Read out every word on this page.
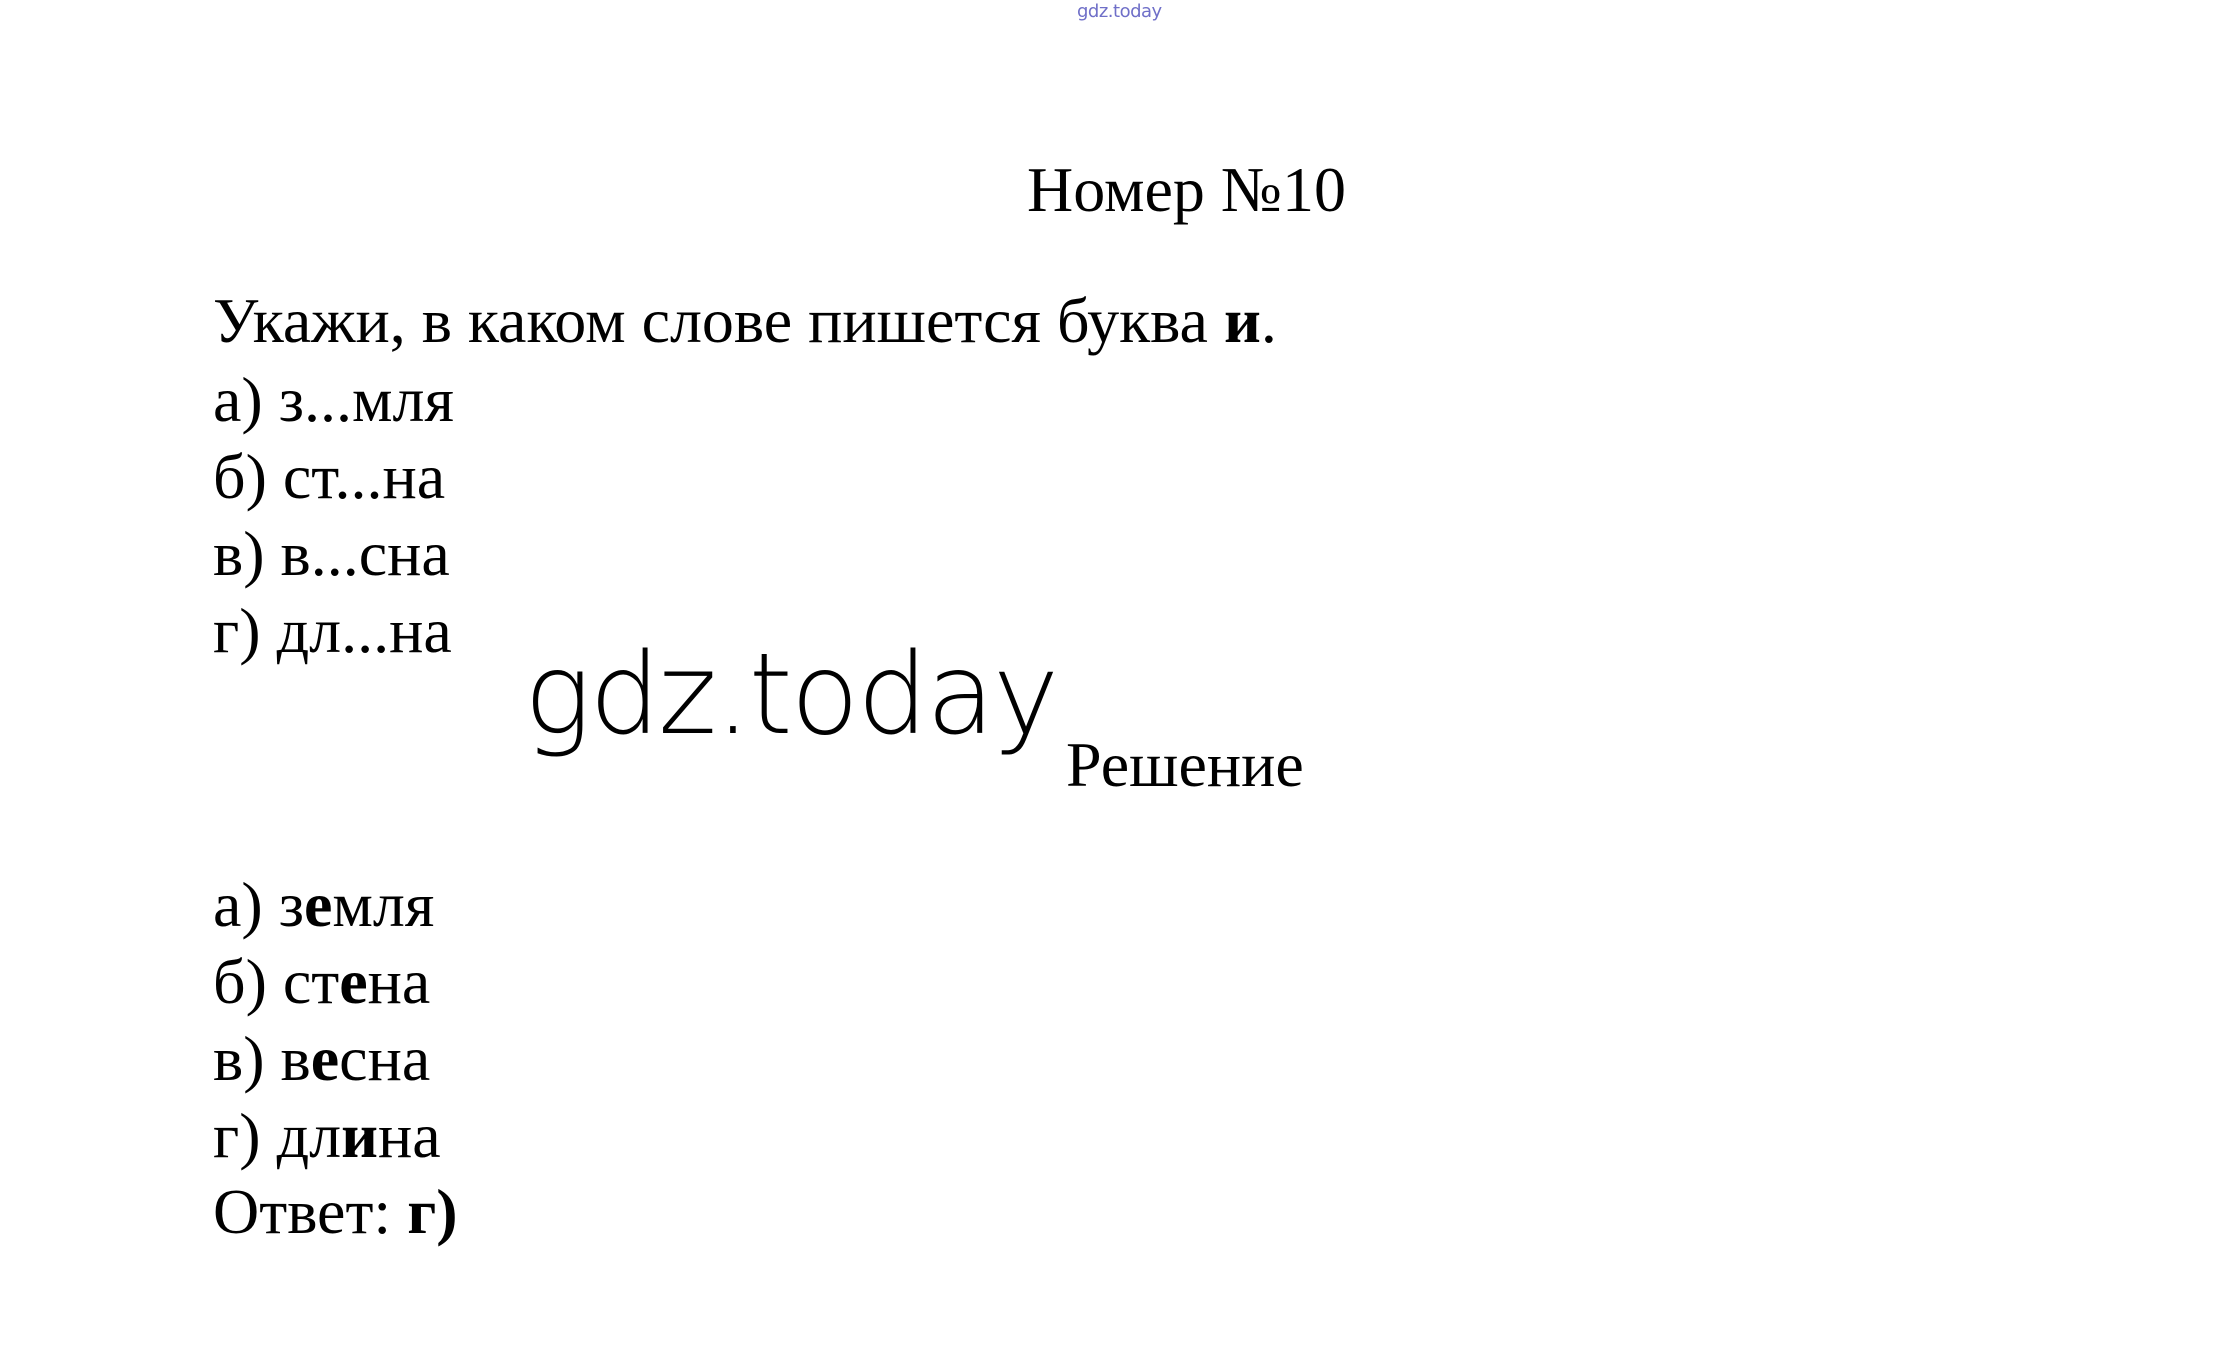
gdz.today
Номер №10
Укажи, в каком слове пишется буква и.
а) з...мля
б) ст...на
в) в...сна
г) дл...на gdz.today
Решение
а) земля
б) стена
в) весна
г) длина
Ответ: г)
